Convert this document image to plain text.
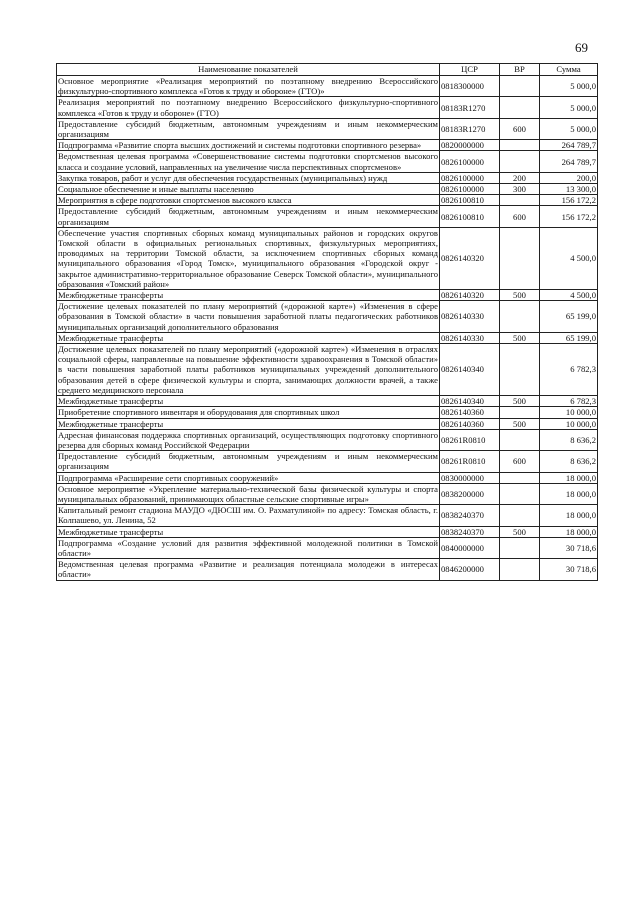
69
Наименование показателей	ЦСР	ВР	Сумма
Основное мероприятие «Реализация мероприятий по поэтапному внедрению Всероссийского физкультурно-спортивного комплекса «Готов к труду и обороне» (ГТО)»	0818300000		5 000,0
Реализация мероприятий по поэтапному внедрению Всероссийского физкультурно-спортивного комплекса «Готов к труду и обороне» (ГТО)	08183R1270		5 000,0
Предоставление субсидий бюджетным, автономным учреждениям и иным некоммерческим организациям	08183R1270	600	5 000,0
Подпрограмма «Развитие спорта высших достижений и системы подготовки спортивного резерва»	0820000000		264 789,7
Ведомственная целевая программа «Совершенствование системы подготовки спортсменов высокого класса и создание условий, направленных на увеличение числа перспективных спортсменов»	0826100000		264 789,7
Закупка товаров, работ и услуг для обеспечения государственных (муниципальных) нужд	0826100000	200	200,0
Социальное обеспечение и иные выплаты населению	0826100000	300	13 300,0
Мероприятия в сфере подготовки спортсменов высокого класса	0826100810		156 172,2
Предоставление субсидий бюджетным, автономным учреждениям и иным некоммерческим организациям	0826100810	600	156 172,2
Обеспечение участия спортивных сборных команд муниципальных районов и городских округов Томской области в официальных региональных спортивных, физкультурных мероприятиях, проводимых на территории Томской области, за исключением спортивных сборных команд муниципального образования «Город Томск», муниципального образования «Городской округ - закрытое административно-территориальное образование Северск Томской области», муниципального образования «Томский район»	0826140320		4 500,0
Межбюджетные трансферты	0826140320	500	4 500,0
Достижение целевых показателей по плану мероприятий («дорожной карте») «Изменения в сфере образования в Томской области» в части повышения заработной платы педагогических работников муниципальных организаций дополнительного образования	0826140330		65 199,0
Межбюджетные трансферты	0826140330	500	65 199,0
Достижение целевых показателей по плану мероприятий («дорожной карте») «Изменения в отраслях социальной сферы, направленные на повышение эффективности здравоохранения в Томской области» в части повышения заработной платы работников муниципальных учреждений дополнительного образования детей в сфере физической культуры и спорта, занимающих должности врачей, а также среднего медицинского персонала	0826140340		6 782,3
Межбюджетные трансферты	0826140340	500	6 782,3
Приобретение спортивного инвентаря и оборудования для спортивных школ	0826140360		10 000,0
Межбюджетные трансферты	0826140360	500	10 000,0
Адресная финансовая поддержка спортивных организаций, осуществляющих подготовку спортивного резерва для сборных команд Российской Федерации	08261R0810		8 636,2
Предоставление субсидий бюджетным, автономным учреждениям и иным некоммерческим организациям	08261R0810	600	8 636,2
Подпрограмма «Расширение сети спортивных сооружений»	0830000000		18 000,0
Основное мероприятие «Укрепление материально-технической базы физической культуры и спорта муниципальных образований, принимающих областные сельские спортивные игры»	0838200000		18 000,0
Капитальный ремонт стадиона МАУДО «ДЮСШ им. О. Рахматулиной» по адресу: Томская область, г. Колпашево, ул. Ленина, 52	0838240370		18 000,0
Межбюджетные трансферты	0838240370	500	18 000,0
Подпрограмма «Создание условий для развития эффективной молодежной политики в Томской области»	0840000000		30 718,6
Ведомственная целевая программа «Развитие и реализация потенциала молодежи в интересах области»	0846200000		30 718,6
